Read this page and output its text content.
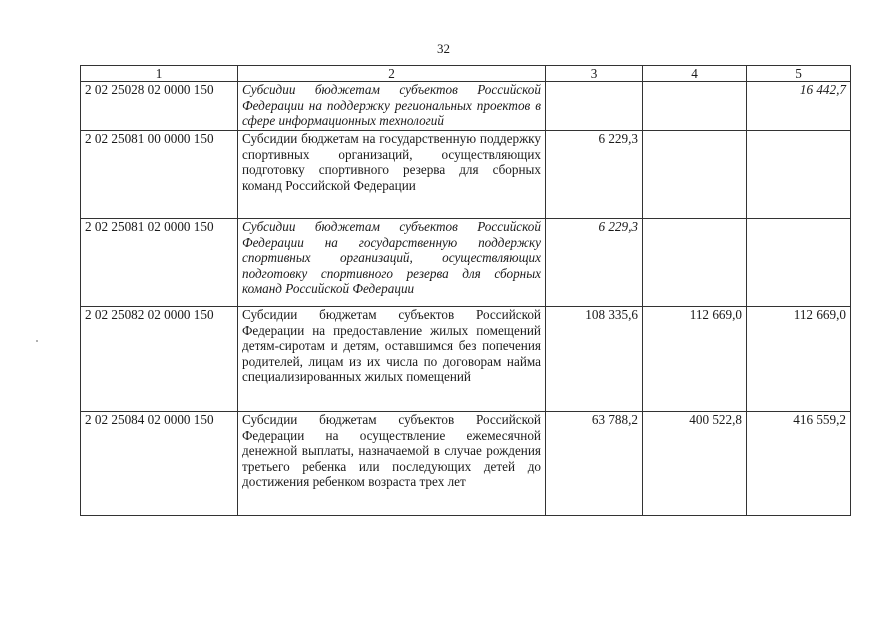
32
1	2	3	4	5
2 02 25028 02 0000 150	Субсидии бюджетам субъектов Российской Федерации на поддержку региональных проектов в сфере информационных технологий			16 442,7
2 02 25081 00 0000 150	Субсидии бюджетам на государственную поддержку спортивных организаций, осуществляющих подготовку спортивного резерва для сборных команд Российской Федерации	6 229,3		
2 02 25081 02 0000 150	Субсидии бюджетам субъектов Российской Федерации на государственную поддержку спортивных организаций, осуществляющих подготовку спортивного резерва для сборных команд Российской Федерации	6 229,3		
2 02 25082 02 0000 150	Субсидии бюджетам субъектов Российской Федерации на предоставление жилых помещений детям-сиротам и детям, оставшимся без попечения родителей, лицам из их числа по договорам найма специализированных жилых помещений	108 335,6	112 669,0	112 669,0
2 02 25084 02 0000 150	Субсидии бюджетам субъектов Российской Федерации на осуществление ежемесячной денежной выплаты, назначаемой в случае рождения третьего ребенка или последующих детей до достижения ребенком возраста трех лет	63 788,2	400 522,8	416 559,2
